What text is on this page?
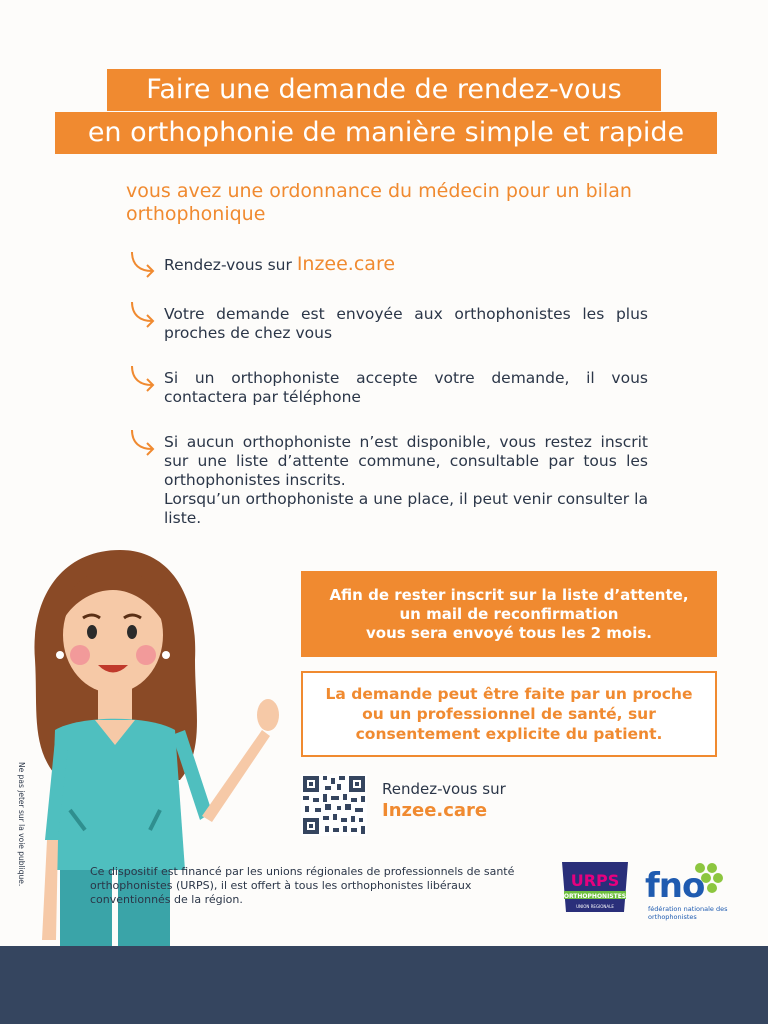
Faire une demande de rendez-vous
en orthophonie de manière simple et rapide
vous avez une ordonnance du médecin pour un bilan orthophonique
Rendez-vous sur Inzee.care
Votre demande est envoyée aux orthophonistes les plus proches de chez vous
Si un orthophoniste accepte votre demande, il vous contactera par téléphone
Si aucun orthophoniste n’est disponible, vous restez inscrit sur une liste d’attente commune, consultable par tous les orthophonistes inscrits.
Lorsqu’un orthophoniste a une place, il peut venir consulter la liste.
Afin de rester inscrit sur la liste d’attente,
un mail de reconfirmation
vous sera envoyé tous les 2 mois.
La demande peut être faite par un proche
ou un professionnel de santé, sur
consentement explicite du patient.
Rendez-vous sur
Inzee.care
Ce dispositif est financé par les unions régionales de professionnels de santé orthophonistes (URPS), il est offert à tous les orthophonistes libéraux conventionnés de la région.
Ne pas jeter sur la voie publique.	URPS
ORTHOPHONISTES
UNION REGIONALE
fno
fédération nationale des orthophonistes
